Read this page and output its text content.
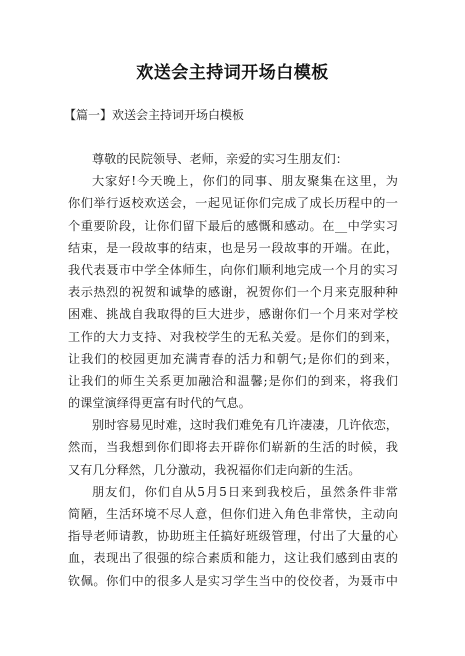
欢送会主持词开场白模板
【篇一】欢送会主持词开场白模板
尊敬的民院领导、老师，亲爱的实习生朋友们：
大家好!今天晚上，你们的同事、朋友聚集在这里，为
你们举行返校欢送会，一起见证你们完成了成长历程中的一
个重要阶段，让你们留下最后的感慨和感动。在__中学实习
结束，是一段故事的结束，也是另一段故事的开端。在此，
我代表聂市中学全体师生，向你们顺利地完成一个月的实习
表示热烈的祝贺和诚挚的感谢，祝贺你们一个月来克服种种
困难、挑战自我取得的巨大进步，感谢你们一个月来对学校
工作的大力支持、对我校学生的无私关爱。是你们的到来，
让我们的校园更加充满青春的活力和朝气;是你们的到来，
让我们的师生关系更加融洽和温馨;是你们的到来，将我们
的课堂演绎得更富有时代的气息。
别时容易见时难，这时我们难免有几许凄凄，几许依恋，
然而，当我想到你们即将去开辟你们崭新的生活的时候，我
又有几分释然，几分激动，我祝福你们走向新的生活。
朋友们，你们自从5月5日来到我校后，虽然条件非常
简陋，生活环境不尽人意，但你们进入角色非常快，主动向
指导老师请教，协助班主任搞好班级管理，付出了大量的心
血，表现出了很强的综合素质和能力，这让我们感到由衷的
钦佩。你们中的很多人是实习学生当中的佼佼者，为聂市中
